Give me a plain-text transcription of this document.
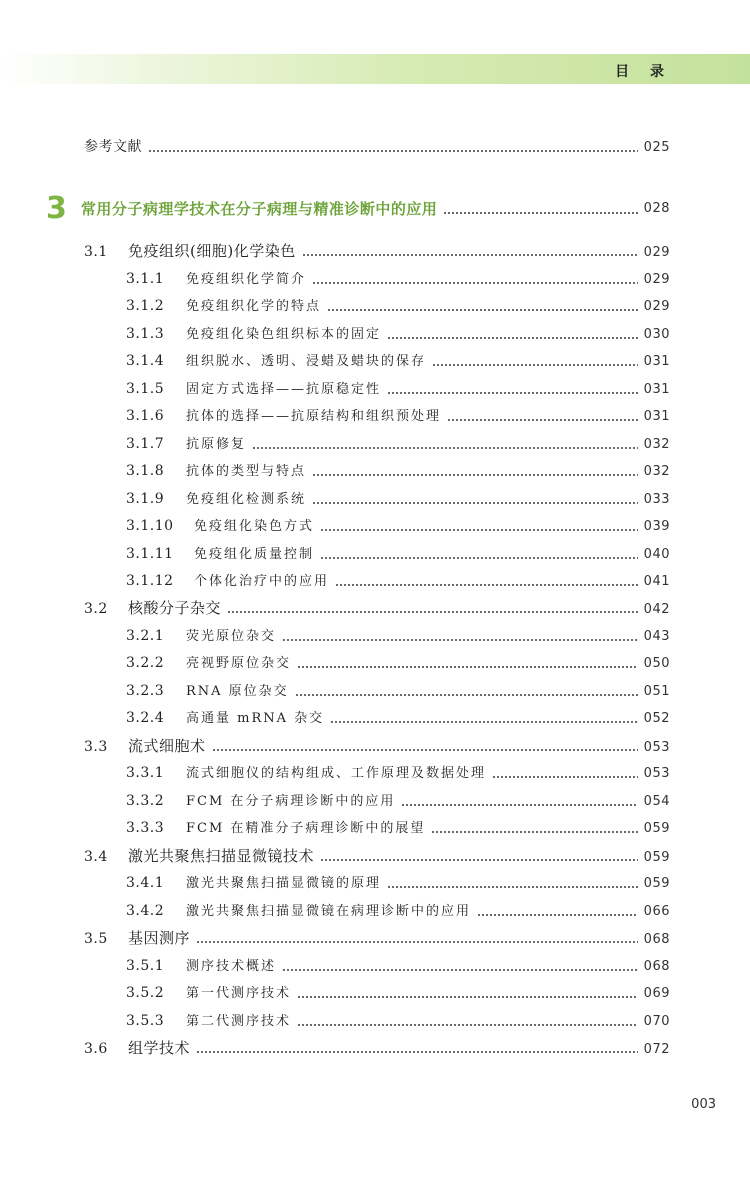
目 录
参考文献	025
3 常用分子病理学技术在分子病理与精准诊断中的应用	028
3.1	免疫组织(细胞)化学染色	029
3.1.1	免疫组织化学简介	029
3.1.2	免疫组织化学的特点	029
3.1.3	免疫组化染色组织标本的固定	030
3.1.4	组织脱水、透明、浸蜡及蜡块的保存	031
3.1.5	固定方式选择——抗原稳定性	031
3.1.6	抗体的选择——抗原结构和组织预处理	031
3.1.7	抗原修复	032
3.1.8	抗体的类型与特点	032
3.1.9	免疫组化检测系统	033
3.1.10	免疫组化染色方式	039
3.1.11	免疫组化质量控制	040
3.1.12	个体化治疗中的应用	041
3.2	核酸分子杂交	042
3.2.1	荧光原位杂交	043
3.2.2	亮视野原位杂交	050
3.2.3	RNA 原位杂交	051
3.2.4	高通量 mRNA 杂交	052
3.3	流式细胞术	053
3.3.1	流式细胞仪的结构组成、工作原理及数据处理	053
3.3.2	FCM 在分子病理诊断中的应用	054
3.3.3	FCM 在精准分子病理诊断中的展望	059
3.4	激光共聚焦扫描显微镜技术	059
3.4.1	激光共聚焦扫描显微镜的原理	059
3.4.2	激光共聚焦扫描显微镜在病理诊断中的应用	066
3.5	基因测序	068
3.5.1	测序技术概述	068
3.5.2	第一代测序技术	069
3.5.3	第二代测序技术	070
3.6	组学技术	072
003
